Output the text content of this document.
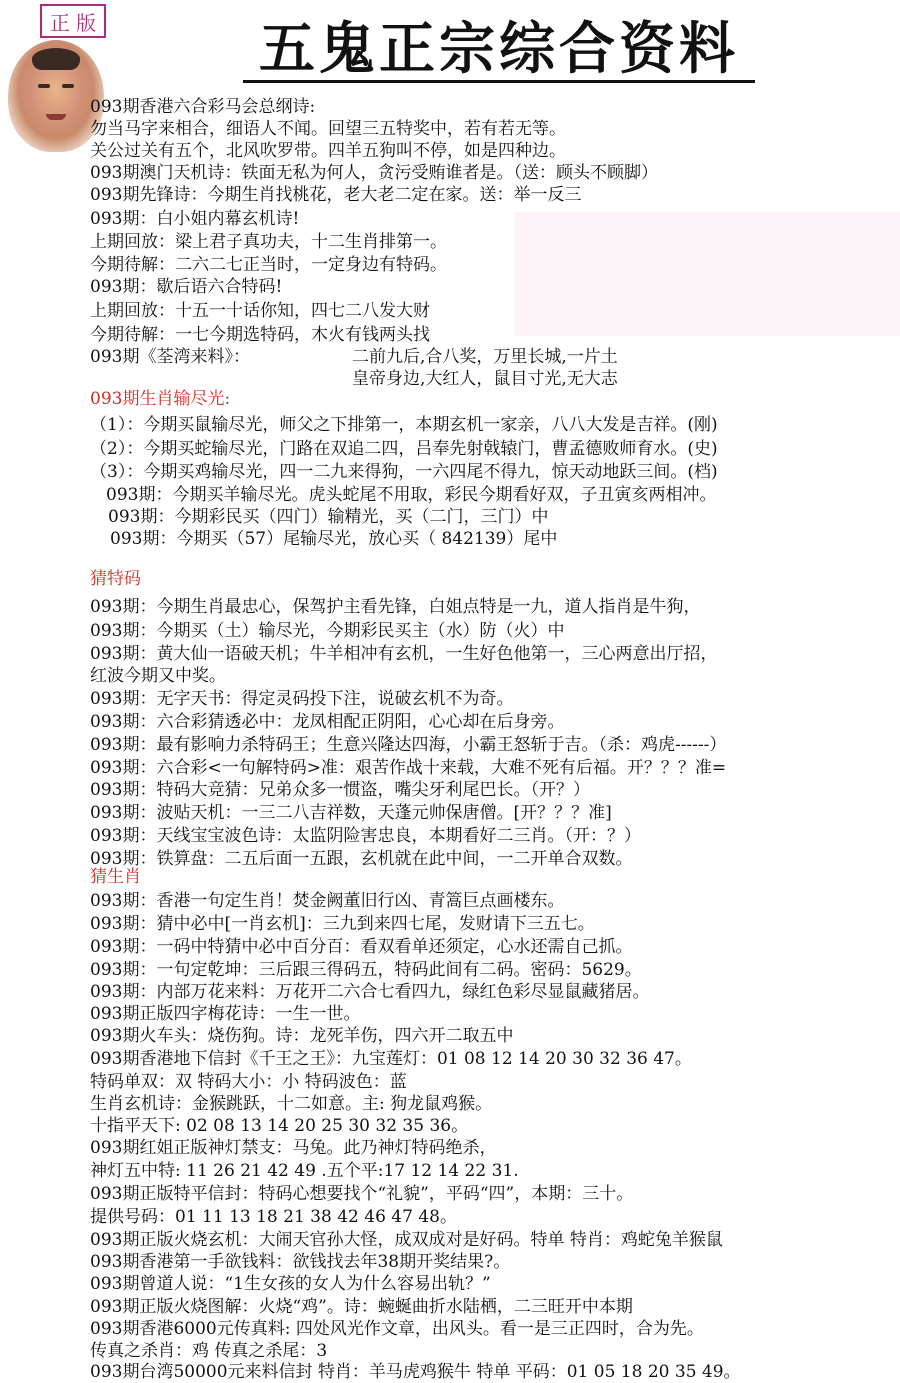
正 版	五鬼正宗综合资料
093期香港六合彩马会总纲诗:
勿当马字来相合，细语人不闻。回望三五特奖中，若有若无等。
关公过关有五个，北风吹罗带。四羊五狗叫不停，如是四种边。
093期澳门天机诗：铁面无私为何人，贪污受贿谁者是。（送：顾头不顾脚）
093期先锋诗：今期生肖找桃花，老大老二定在家。送：举一反三
093期：白小姐内幕玄机诗!
上期回放：梁上君子真功夫，十二生肖排第一。
今期待解：二六二七正当时，一定身边有特码。
093期：歇后语六合特码!
上期回放：十五一十话你知，四七二八发大财
今期待解：一七今期选特码，木火有钱两头找
093期《荃湾来料》：	二前九后,合八奖，万里长城,一片土
皇帝身边,大红人，鼠目寸光,无大志
093期生肖输尽光:
（1）：今期买鼠输尽光，师父之下排第一，本期玄机一家亲，八八大发是吉祥。(刚)
（2）：今期买蛇输尽光，门路在双追二四，吕奉先射戟辕门，曹孟德败师育水。(史)
（3）：今期买鸡输尽光，四一二九来得狗，一六四尾不得九，惊天动地跃三间。(档)
093期：今期买羊输尽光。虎头蛇尾不用取，彩民今期看好双，子丑寅亥两相冲。
093期：今期彩民买（四门）输精光，买（二门，三门）中
093期：今期买（57）尾输尽光，放心买（ 842139）尾中
猜特码
093期：今期生肖最忠心，保驾护主看先锋，白姐点特是一九，道人指肖是牛狗，
093期：今期买（土）输尽光，今期彩民买主（水）防（火）中
093期：黄大仙一语破天机；牛羊相冲有玄机，一生好色他第一，三心两意出厅招，
红波今期又中奖。
093期：无字天书：得定灵码投下注，说破玄机不为奇。
093期：六合彩猜透必中：龙凤相配正阴阳，心心却在后身旁。
093期：最有影响力杀特码王；生意兴隆达四海，小霸王怒斩于吉。（杀：鸡虎------）
093期：六合彩<一句解特码>准：艰苦作战十来载，大难不死有后福。开？？？准=
093期：特码大竞猜：兄弟众多一惯盗，嘴尖牙利尾巴长。（开？）
093期：波贴天机：一三二八吉祥数，天蓬元帅保唐僧。[开？？？准]
093期：天线宝宝波色诗：太监阴险害忠良，本期看好二三肖。（开：？）
093期：铁算盘：二五后面一五跟，玄机就在此中间，一二开单合双数。
猜生肖
093期：香港一句定生肖！焚金阙董旧行凶、青篙巨点画楼东。
093期：猜中必中[一肖玄机]：三九到来四七尾，发财请下三五七。
093期：一码中特猜中必中百分百：看双看单还须定，心水还需自己抓。
093期：一句定乾坤：三后跟三得码五，特码此间有二码。密码：5629。
093期：内部万花来料：万花开二六合七看四九，绿红色彩尽显鼠藏猪居。
093期正版四字梅花诗：一生一世。
093期火车头：烧伤狗。诗：龙死羊伤，四六开二取五中
093期香港地下信封《千王之王》：九宝莲灯：01 08 12 14 20 30 32 36 47。
特码单双：双 特码大小：小 特码波色：蓝
生肖玄机诗：金猴跳跃，十二如意。主: 狗龙鼠鸡猴。
十指平天下: 02 08 13 14 20 25 30 32 35 36。
093期红姐正版神灯禁支：马兔。此乃神灯特码绝杀，
神灯五中特: 11 26 21 42 49 .五个平:17 12 14 22 31.
093期正版特平信封：特码心想要找个“礼貌”，平码“四”，本期：三十。
提供号码：01 11 13 18 21 38 42 46 47 48。
093期正版火烧玄机：大闹天官孙大怪，成双成对是好码。特单 特肖：鸡蛇兔羊猴鼠
093期香港第一手欲钱料：欲钱找去年38期开奖结果?。
093期曾道人说：“1生女孩的女人为什么容易出轨？”
093期正版火烧图解：火烧“鸡”。诗：蜿蜒曲折水陆栖，二三旺开中本期
093期香港6000元传真料: 四处风光作文章，出风头。看一是三正四时，合为先。
传真之杀肖：鸡 传真之杀尾：3
093期台湾50000元来料信封 特肖：羊马虎鸡猴牛 特单 平码：01 05 18 20 35 49。
